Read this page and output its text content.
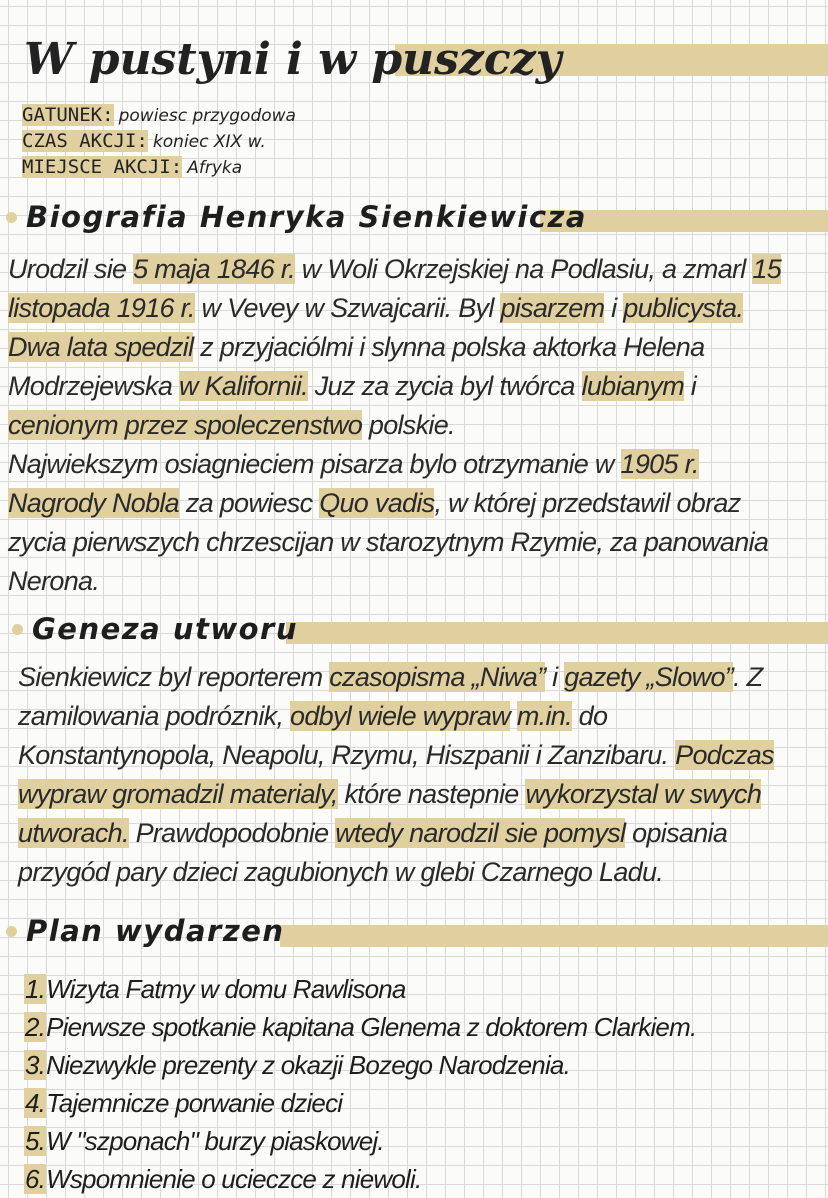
W pustyni i w puszczy
GATUNEK: powiesc przygodowa
CZAS AKCJI: koniec XIX w.
MIEJSCE AKCJI: Afryka
Biografia Henryka Sienkiewicza

Urodzil sie 5 maja 1846 r. w Woli Okrzejskiej na Podlasiu, a zmarl 15 listopada 1916 r. w Vevey w Szwajcarii. Byl pisarzem i publicysta. Dwa lata spedzil z przyjaciólmi i slynna polska aktorka Helena Modrzejewska w Kalifornii. Juz za zycia byl twórca lubianym i cenionym przez spoleczenstwo polskie.
Najwiekszym osiagnieciem pisarza bylo otrzymanie w 1905 r. Nagrody Nobla za powiesc Quo vadis, w której przedstawil obraz zycia pierwszych chrzescijan w starozytnym Rzymie, za panowania Nerona.

Geneza utworu

Sienkiewicz byl reporterem czasopisma „Niwa” i gazety „Slowo”. Z zamilowania podróznik, odbyl wiele wypraw m.in. do Konstantynopola, Neapolu, Rzymu, Hiszpanii i Zanzibaru. Podczas wypraw gromadzil materialy, które nastepnie wykorzystal w swych utworach. Prawdopodobnie wtedy narodzil sie pomysl opisania przygód pary dzieci zagubionych w glebi Czarnego Ladu.

Plan wydarzen
1.Wizyta Fatmy w domu Rawlisona
2.Pierwsze spotkanie kapitana Glenema z doktorem Clarkiem.
3.Niezwykle prezenty z okazji Bozego Narodzenia.
4.Tajemnicze porwanie dzieci
5.W "szponach" burzy piaskowej.
6.Wspomnienie o ucieczce z niewoli.
